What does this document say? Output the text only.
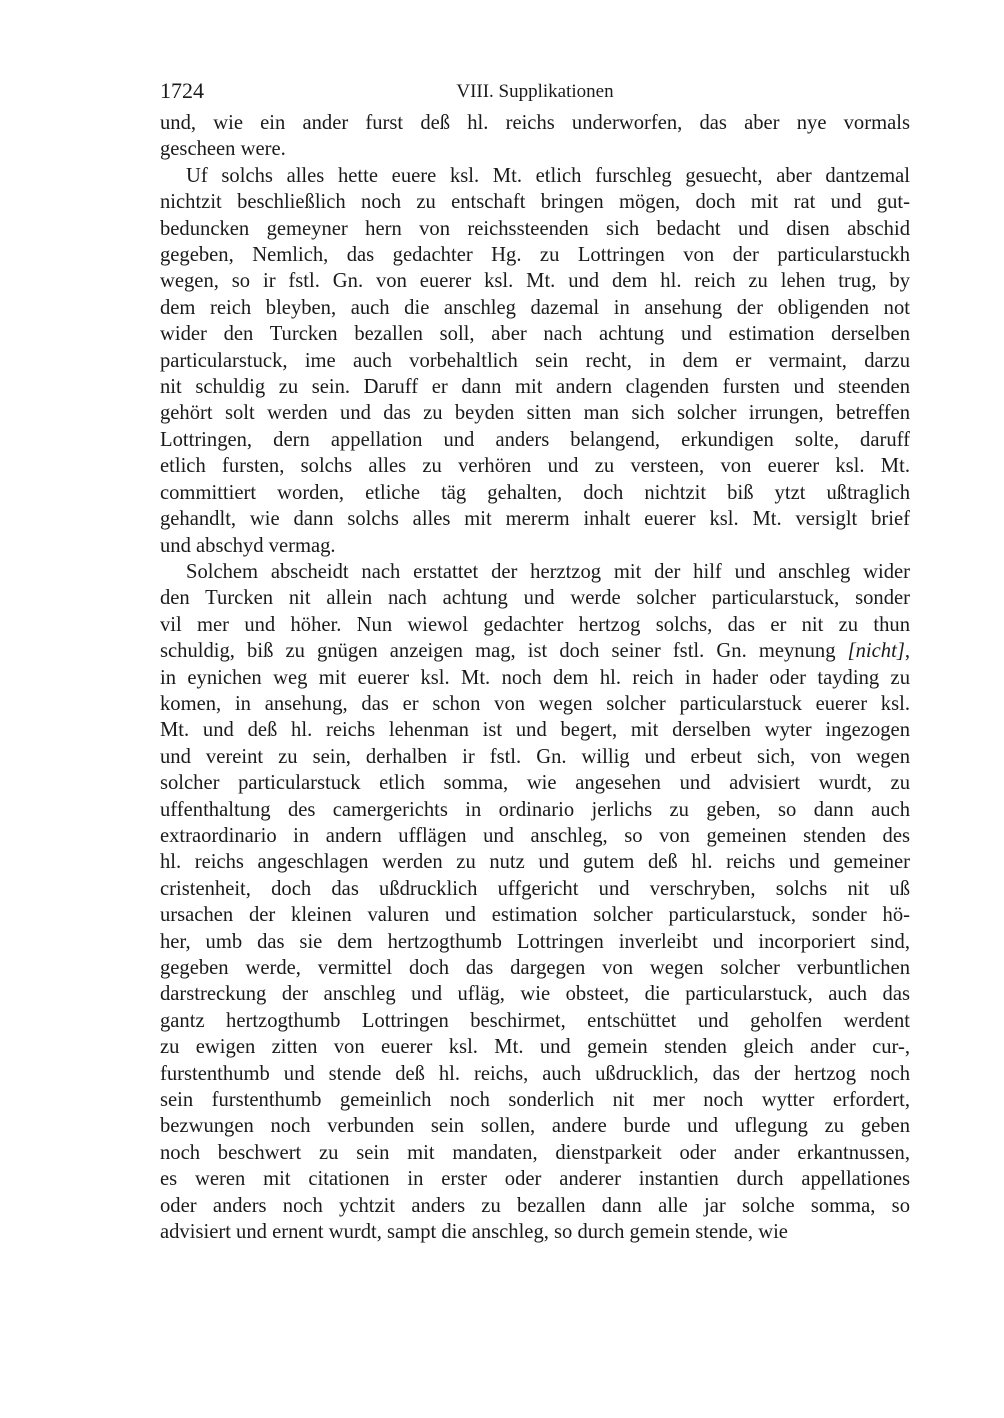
1724	VIII. Supplikationen

und, wie ein ander furst deß hl. reichs underworfen, das aber nye vormals
gescheen were.

Uf solchs alles hette euere ksl. Mt. etlich furschleg gesuecht, aber dantzemal
nichtzit beschließlich noch zu entschaft bringen mögen, doch mit rat und gut-
beduncken gemeyner hern von reichssteenden sich bedacht und disen abschid
gegeben, Nemlich, das gedachter Hg. zu Lottringen von der particularstuckh
wegen, so ir fstl. Gn. von euerer ksl. Mt. und dem hl. reich zu lehen trug, by
dem reich bleyben, auch die anschleg dazemal in ansehung der obligenden not
wider den Turcken bezallen soll, aber nach achtung und estimation derselben
particularstuck, ime auch vorbehaltlich sein recht, in dem er vermaint, darzu
nit schuldig zu sein. Daruff er dann mit andern clagenden fursten und steenden
gehört solt werden und das zu beyden sitten man sich solcher irrungen, betreffen
Lottringen, dern appellation und anders belangend, erkundigen solte, daruff
etlich fursten, solchs alles zu verhören und zu versteen, von euerer ksl. Mt.
committiert worden, etliche täg gehalten, doch nichtzit biß ytzt ußtraglich
gehandlt, wie dann solchs alles mit mererm inhalt euerer ksl. Mt. versiglt brief
und abschyd vermag.

Solchem abscheidt nach erstattet der herztzog mit der hilf und anschleg wider
den Turcken nit allein nach achtung und werde solcher particularstuck, sonder
vil mer und höher. Nun wiewol gedachter hertzog solchs, das er nit zu thun
schuldig, biß zu gnügen anzeigen mag, ist doch seiner fstl. Gn. meynung [nicht],
in eynichen weg mit euerer ksl. Mt. noch dem hl. reich in hader oder tayding zu
komen, in ansehung, das er schon von wegen solcher particularstuck euerer ksl.
Mt. und deß hl. reichs lehenman ist und begert, mit derselben wyter ingezogen
und vereint zu sein, derhalben ir fstl. Gn. willig und erbeut sich, von wegen
solcher particularstuck etlich somma, wie angesehen und advisiert wurdt, zu
uffenthaltung des camergerichts in ordinario jerlichs zu geben, so dann auch
extraordinario in andern ufflägen und anschleg, so von gemeinen stenden des
hl. reichs angeschlagen werden zu nutz und gutem deß hl. reichs und gemeiner
cristenheit, doch das ußdrucklich uffgericht und verschryben, solchs nit uß
ursachen der kleinen valuren und estimation solcher particularstuck, sonder hö-
her, umb das sie dem hertzogthumb Lottringen inverleibt und incorporiert sind,
gegeben werde, vermittel doch das dargegen von wegen solcher verbuntlichen
darstreckung der anschleg und ufläg, wie obsteet, die particularstuck, auch das
gantz hertzogthumb Lottringen beschirmet, entschüttet und geholfen werdent
zu ewigen zitten von euerer ksl. Mt. und gemein stenden gleich ander cur-,
furstenthumb und stende deß hl. reichs, auch ußdrucklich, das der hertzog noch
sein furstenthumb gemeinlich noch sonderlich nit mer noch wytter erfordert,
bezwungen noch verbunden sein sollen, andere burde und uflegung zu geben
noch beschwert zu sein mit mandaten, dienstparkeit oder ander erkantnussen,
es weren mit citationen in erster oder anderer instantien durch appellationes
oder anders noch ychtzit anders zu bezallen dann alle jar solche somma, so
advisiert und ernent wurdt, sampt die anschleg, so durch gemein stende, wie
